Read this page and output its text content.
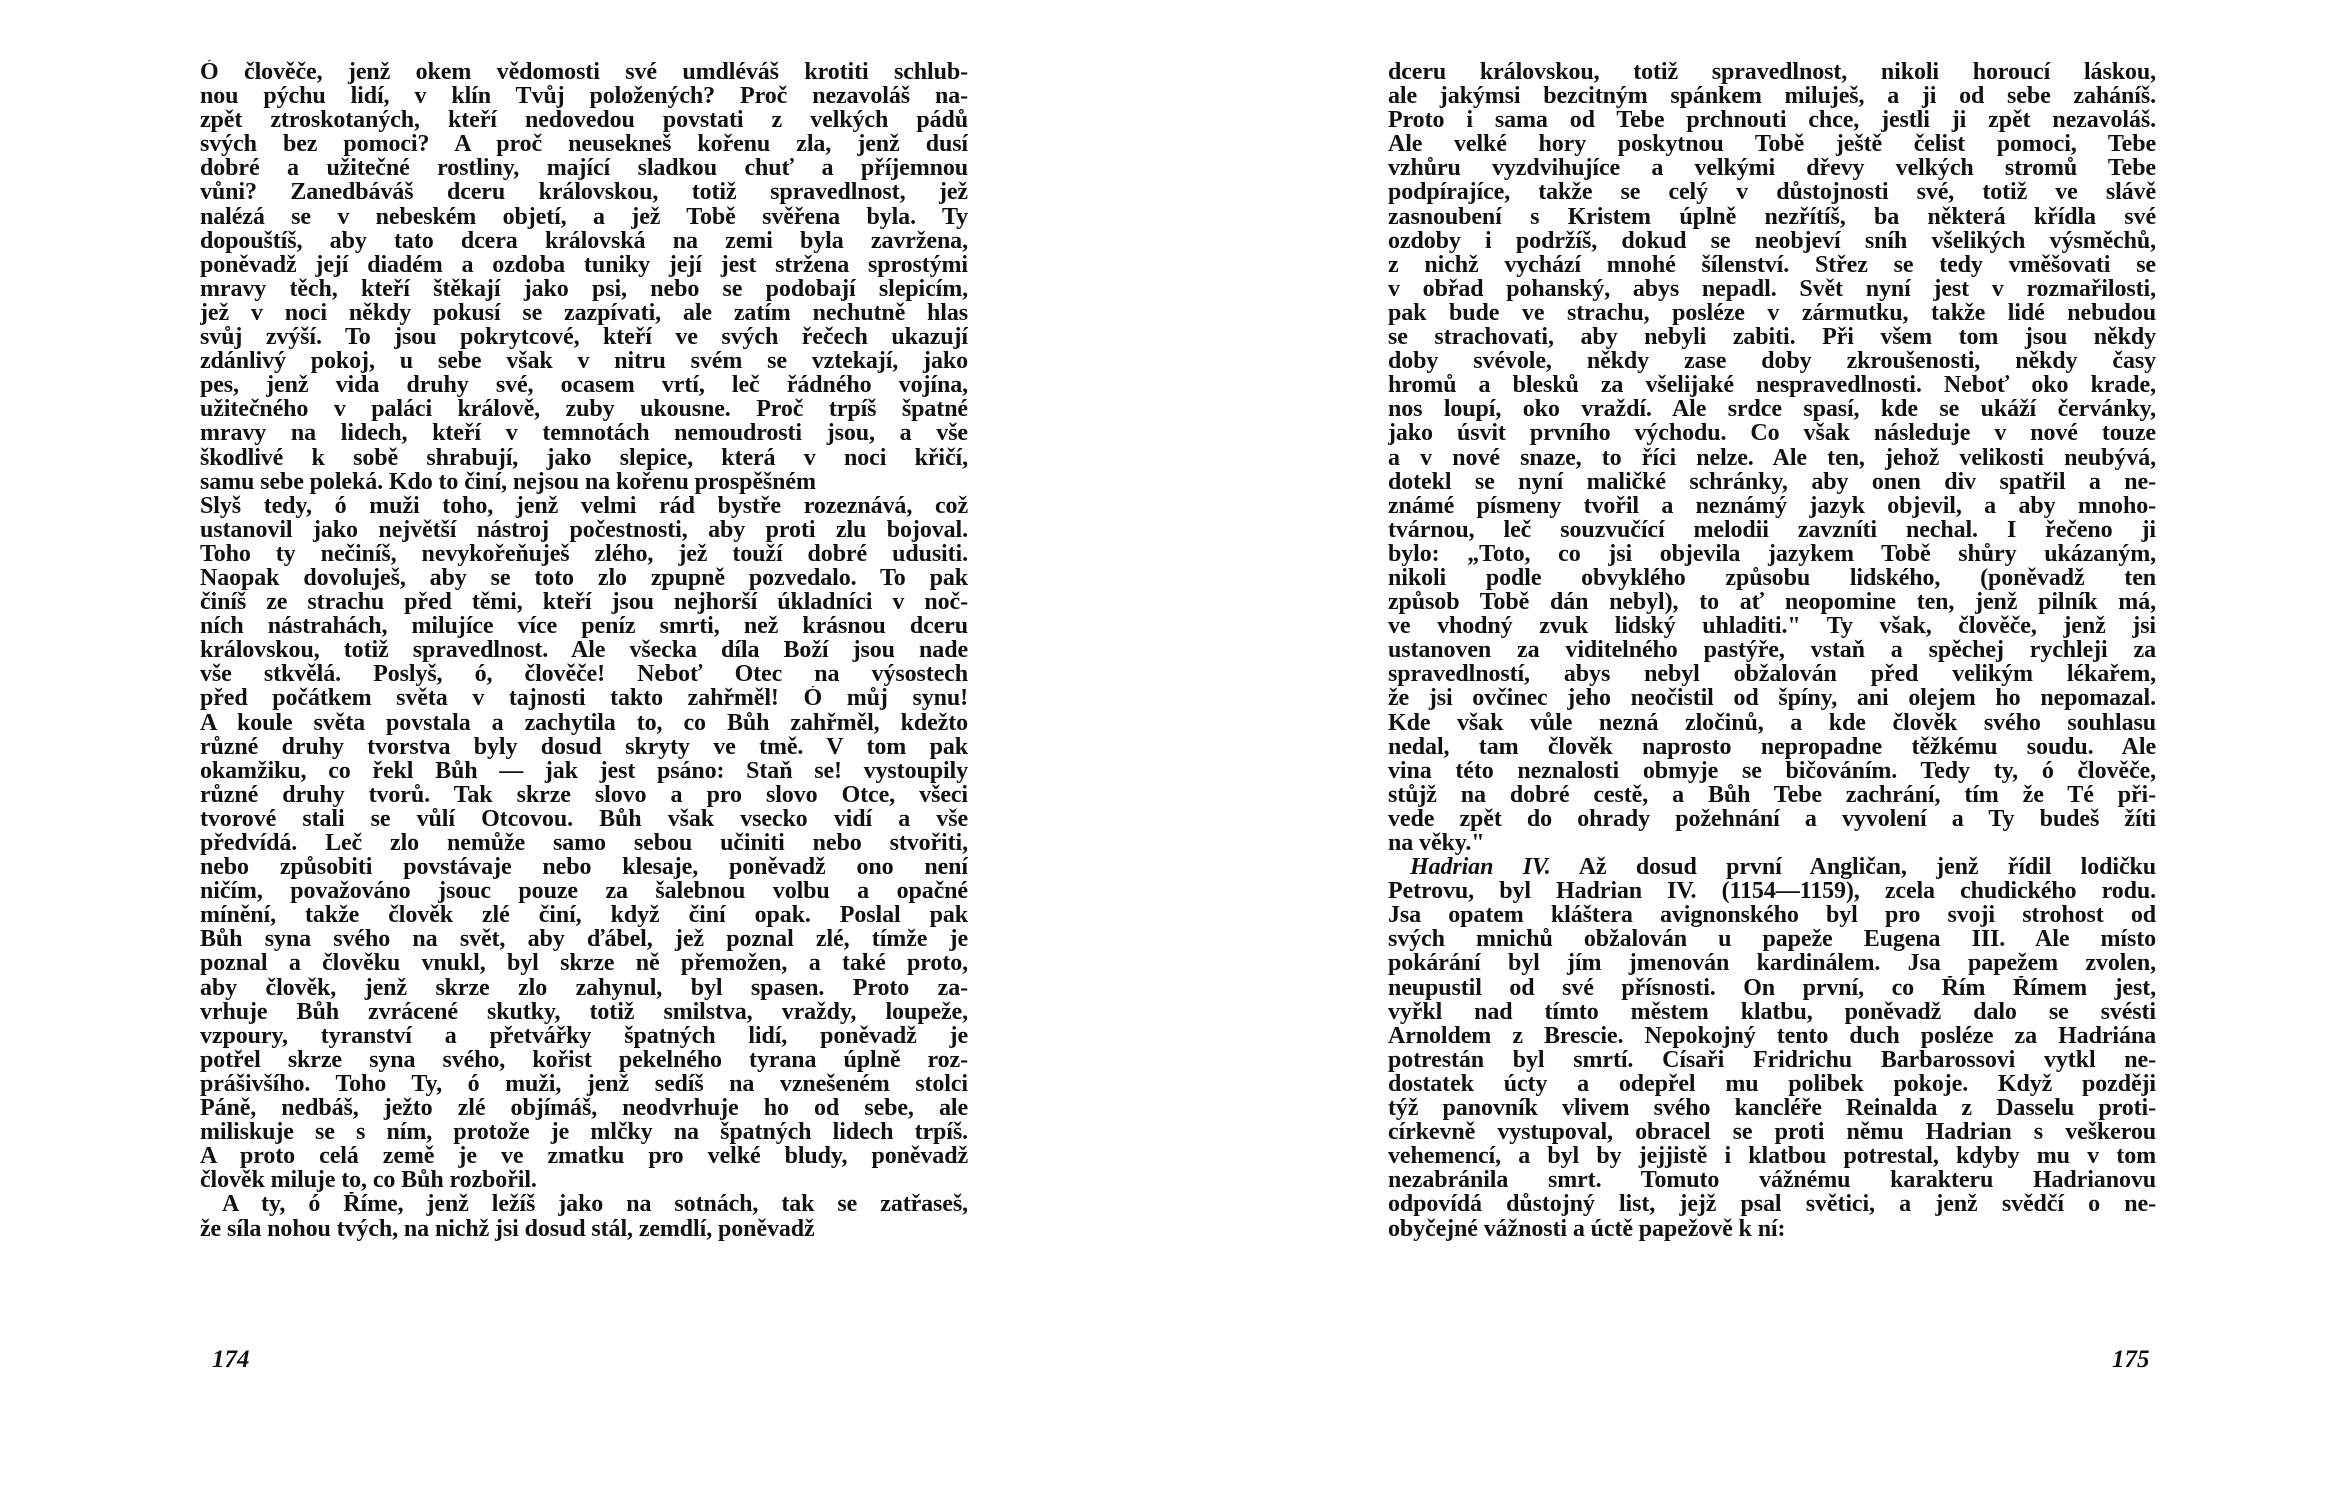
Ó člověče, jenž okem vědomosti své umdléváš krotiti schlub-
nou pýchu lidí, v klín Tvůj položených? Proč nezavoláš na-
zpět ztroskotaných, kteří nedovedou povstati z velkých pádů
svých bez pomoci? A proč neusekneš kořenu zla, jenž dusí
dobré a užitečné rostliny, mající sladkou chuť a příjemnou
vůni? Zanedbáváš dceru královskou, totiž spravedlnost, jež
nalézá se v nebeském objetí, a jež Tobě svěřena byla. Ty
dopouštíš, aby tato dcera královská na zemi byla zavržena,
poněvadž její diadém a ozdoba tuniky její jest stržena sprostými
mravy těch, kteří štěkají jako psi, nebo se podobají slepicím,
jež v noci někdy pokusí se zazpívati, ale zatím nechutně hlas
svůj zvýší. To jsou pokrytcové, kteří ve svých řečech ukazují
zdánlivý pokoj, u sebe však v nitru svém se vztekají, jako
pes, jenž vida druhy své, ocasem vrtí, leč řádného vojína,
užitečného v paláci králově, zuby ukousne. Proč trpíš špatné
mravy na lidech, kteří v temnotách nemoudrosti jsou, a vše
škodlivé k sobě shrabují, jako slepice, která v noci křičí,
samu sebe poleká. Kdo to činí, nejsou na kořenu prospěšném
Slyš tedy, ó muži toho, jenž velmi rád bystře rozeznává, což
ustanovil jako největší nástroj počestnosti, aby proti zlu bojoval.
Toho ty nečiníš, nevykořeňuješ zlého, jež touží dobré udusiti.
Naopak dovoluješ, aby se toto zlo zpupně pozvedalo. To pak
činíš ze strachu před těmi, kteří jsou nejhorší úkladníci v noč-
ních nástrahách, milujíce více peníz smrti, než krásnou dceru
královskou, totiž spravedlnost. Ale všecka díla Boží jsou nade
vše stkvělá. Poslyš, ó, člověče! Neboť Otec na výsostech
před počátkem světa v tajnosti takto zahřměl! Ó můj synu!
A koule světa povstala a zachytila to, co Bůh zahřměl, kdežto
různé druhy tvorstva byly dosud skryty ve tmě. V tom pak
okamžiku, co řekl Bůh — jak jest psáno: Staň se! vystoupily
různé druhy tvorů. Tak skrze slovo a pro slovo Otce, všeci
tvorové stali se vůlí Otcovou. Bůh však vsecko vidí a vše
předvídá. Leč zlo nemůže samo sebou učiniti nebo stvořiti,
nebo způsobiti povstávaje nebo klesaje, poněvadž ono není
ničím, považováno jsouc pouze za šalebnou volbu a opačné
mínění, takže člověk zlé činí, když činí opak. Poslal pak
Bůh syna svého na svět, aby ďábel, jež poznal zlé, tímže je
poznal a člověku vnukl, byl skrze ně přemožen, a také proto,
aby člověk, jenž skrze zlo zahynul, byl spasen. Proto za-
vrhuje Bůh zvrácené skutky, totiž smilstva, vraždy, loupeže,
vzpoury, tyranství a přetvářky špatných lidí, poněvadž je
potřel skrze syna svého, kořist pekelného tyrana úplně roz-
prášivšího. Toho Ty, ó muži, jenž sedíš na vznešeném stolci
Páně, nedbáš, ježto zlé objímáš, neodvrhuje ho od sebe, ale
miliskuje se s ním, protože je mlčky na špatných lidech trpíš.
A proto celá země je ve zmatku pro velké bludy, poněvadž
člověk miluje to, co Bůh rozbořil.
A ty, ó Říme, jenž ležíš jako na sotnách, tak se zatřaseš,
že síla nohou tvých, na nichž jsi dosud stál, zemdlí, poněvadž
174
dceru královskou, totiž spravedlnost, nikoli horoucí láskou,
ale jakýmsi bezcitným spánkem miluješ, a ji od sebe zaháníš.
Proto i sama od Tebe prchnouti chce, jestli ji zpět nezavoláš.
Ale velké hory poskytnou Tobě ještě čelist pomoci, Tebe
vzhůru vyzdvihujíce a velkými dřevy velkých stromů Tebe
podpírajíce, takže se celý v důstojnosti své, totiž ve slávě
zasnoubení s Kristem úplně nezřítíš, ba některá křídla své
ozdoby i podržíš, dokud se neobjeví sníh všelikých výsměchů,
z nichž vychází mnohé šílenství. Střez se tedy vměšovati se
v obřad pohanský, abys nepadl. Svět nyní jest v rozmařilosti,
pak bude ve strachu, posléze v zármutku, takže lidé nebudou
se strachovati, aby nebyli zabiti. Při všem tom jsou někdy
doby svévole, někdy zase doby zkroušenosti, někdy časy
hromů a blesků za všelijaké nespravedlnosti. Neboť oko krade,
nos loupí, oko vraždí. Ale srdce spasí, kde se ukáží červánky,
jako úsvit prvního východu. Co však následuje v nové touze
a v nové snaze, to říci nelze. Ale ten, jehož velikosti neubývá,
dotekl se nyní maličké schránky, aby onen div spatřil a ne-
známé písmeny tvořil a neznámý jazyk objevil, a aby mnoho-
tvárnou, leč souzvučící melodii zavzníti nechal. I řečeno ji
bylo: „Toto, co jsi objevila jazykem Tobě shůry ukázaným,
nikoli podle obvyklého způsobu lidského, (poněvadž ten
způsob Tobě dán nebyl), to ať neopomine ten, jenž pilník má,
ve vhodný zvuk lidský uhladiti." Ty však, člověče, jenž jsi
ustanoven za viditelného pastýře, vstaň a spěchej rychleji za
spravedlností, abys nebyl obžalován před velikým lékařem,
že jsi ovčinec jeho neočistil od špíny, ani olejem ho nepomazal.
Kde však vůle nezná zločinů, a kde člověk svého souhlasu
nedal, tam člověk naprosto nepropadne těžkému soudu. Ale
vina této neznalosti obmyje se bičováním. Tedy ty, ó člověče,
stůjž na dobré cestě, a Bůh Tebe zachrání, tím že Té při-
vede zpět do ohrady požehnání a vyvolení a Ty budeš žíti
na věky."
Hadrian IV. Až dosud první Angličan, jenž řídil lodičku
Petrovu, byl Hadrian IV. (1154—1159), zcela chudického rodu.
Jsa opatem kláštera avignonského byl pro svoji strohost od
svých mnichů obžalován u papeže Eugena III. Ale místo
pokárání byl jím jmenován kardinálem. Jsa papežem zvolen,
neupustil od své přísnosti. On první, co Řím Římem jest,
vyřkl nad tímto městem klatbu, poněvadž dalo se svésti
Arnoldem z Brescie. Nepokojný tento duch posléze za Hadriána
potrestán byl smrtí. Císaři Fridrichu Barbarossovi vytkl ne-
dostatek úcty a odepřel mu polibek pokoje. Když později
týž panovník vlivem svého kancléře Reinalda z Dasselu proti-
církevně vystupoval, obracel se proti němu Hadrian s veškerou
vehemencí, a byl by jejjistě i klatbou potrestal, kdyby mu v tom
nezabránila smrt. Tomuto vážnému karakteru Hadrianovu
odpovídá důstojný list, jejž psal světici, a jenž svědčí o ne-
obyčejné vážnosti a úctě papežově k ní:
175
